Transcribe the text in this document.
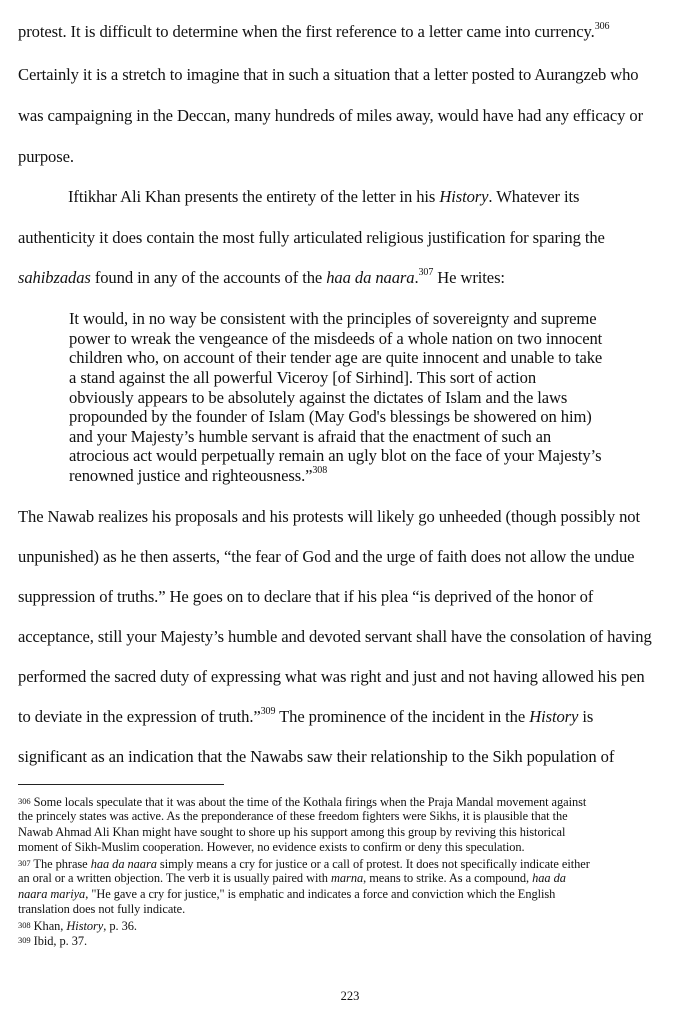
protest. It is difficult to determine when the first reference to a letter came into currency.$^{306}$
Certainly it is a stretch to imagine that in such a situation that a letter posted to Aurangzeb who
was campaigning in the Deccan, many hundreds of miles away, would have had any efficacy or
purpose.
Iftikhar Ali Khan presents the entirety of the letter in his History. Whatever its
authenticity it does contain the most fully articulated religious justification for sparing the
sahibzadas found in any of the accounts of the haa da naara.$^{307}$ He writes:
It would, in no way be consistent with the principles of sovereignty and supreme
power to wreak the vengeance of the misdeeds of a whole nation on two innocent
children who, on account of their tender age are quite innocent and unable to take
a stand against the all powerful Viceroy [of Sirhind]. This sort of action
obviously appears to be absolutely against the dictates of Islam and the laws
propounded by the founder of Islam (May God's blessings be showered on him)
and your Majesty’s humble servant is afraid that the enactment of such an
atrocious act would perpetually remain an ugly blot on the face of your Majesty’s
renowned justice and righteousness.”$^{308}$
The Nawab realizes his proposals and his protests will likely go unheeded (though possibly not
unpunished) as he then asserts, “the fear of God and the urge of faith does not allow the undue
suppression of truths.” He goes on to declare that if his plea “is deprived of the honor of
acceptance, still your Majesty’s humble and devoted servant shall have the consolation of having
performed the sacred duty of expressing what was right and just and not having allowed his pen
to deviate in the expression of truth.”$^{309}$ The prominence of the incident in the History is
significant as an indication that the Nawabs saw their relationship to the Sikh population of
306 Some locals speculate that it was about the time of the Kothala firings when the Praja Mandal movement against
the princely states was active. As the preponderance of these freedom fighters were Sikhs, it is plausible that the
Nawab Ahmad Ali Khan might have sought to shore up his support among this group by reviving this historical
moment of Sikh-Muslim cooperation. However, no evidence exists to confirm or deny this speculation.
307 The phrase haa da naara simply means a cry for justice or a call of protest. It does not specifically indicate either
an oral or a written objection. The verb it is usually paired with marna, means to strike. As a compound, haa da
naara mariya, "He gave a cry for justice," is emphatic and indicates a force and conviction which the English
translation does not fully indicate.
308 Khan, History, p. 36.
309 Ibid, p. 37.
223
